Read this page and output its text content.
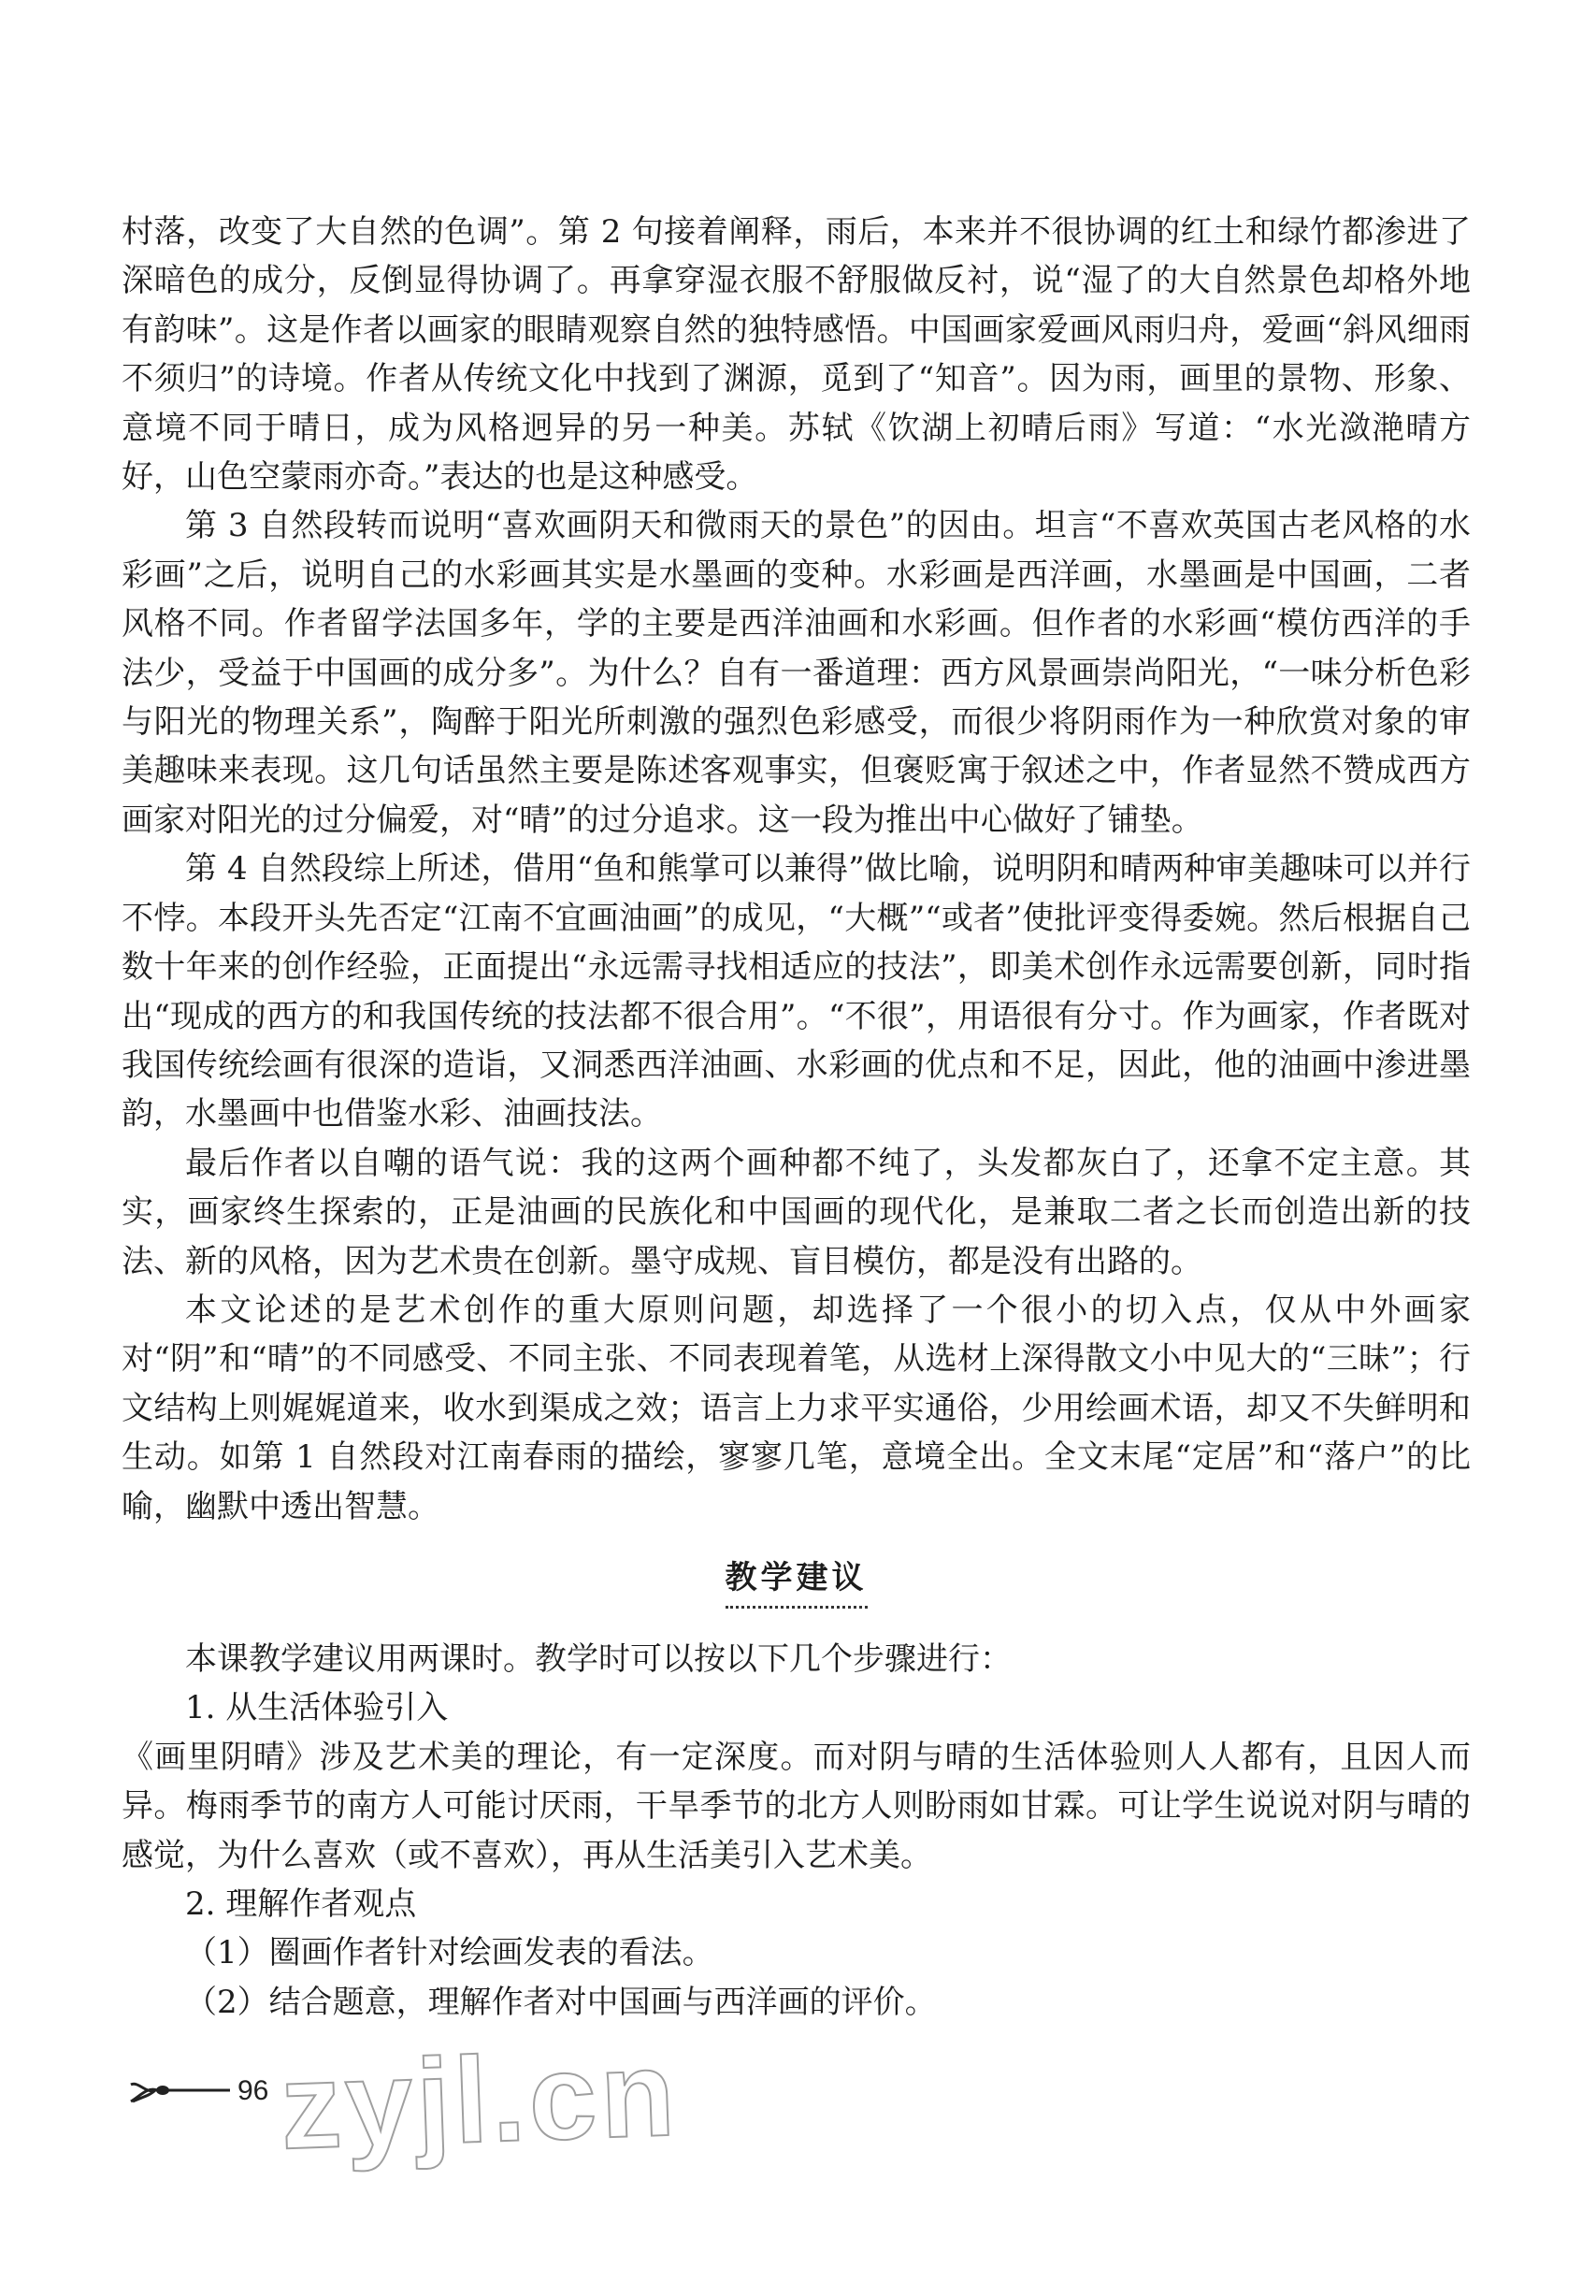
村落，改变了大自然的色调”。第 2 句接着阐释，雨后，本来并不很协调的红土和绿竹都渗进了深暗色的成分，反倒显得协调了。再拿穿湿衣服不舒服做反衬，说“湿了的大自然景色却格外地有韵味”。这是作者以画家的眼睛观察自然的独特感悟。中国画家爱画风雨归舟，爱画“斜风细雨不须归”的诗境。作者从传统文化中找到了渊源，觅到了“知音”。因为雨，画里的景物、形象、意境不同于晴日，成为风格迥异的另一种美。苏轼《饮湖上初晴后雨》写道：“水光潋滟晴方好，山色空蒙雨亦奇。”表达的也是这种感受。

第 3 自然段转而说明“喜欢画阴天和微雨天的景色”的因由。坦言“不喜欢英国古老风格的水彩画”之后，说明自己的水彩画其实是水墨画的变种。水彩画是西洋画，水墨画是中国画，二者风格不同。作者留学法国多年，学的主要是西洋油画和水彩画。但作者的水彩画“模仿西洋的手法少，受益于中国画的成分多”。为什么？自有一番道理：西方风景画崇尚阳光，“一味分析色彩与阳光的物理关系”，陶醉于阳光所刺激的强烈色彩感受，而很少将阴雨作为一种欣赏对象的审美趣味来表现。这几句话虽然主要是陈述客观事实，但褒贬寓于叙述之中，作者显然不赞成西方画家对阳光的过分偏爱，对“晴”的过分追求。这一段为推出中心做好了铺垫。

第 4 自然段综上所述，借用“鱼和熊掌可以兼得”做比喻，说明阴和晴两种审美趣味可以并行不悖。本段开头先否定“江南不宜画油画”的成见，“大概”“或者”使批评变得委婉。然后根据自己数十年来的创作经验，正面提出“永远需寻找相适应的技法”，即美术创作永远需要创新，同时指出“现成的西方的和我国传统的技法都不很合用”。“不很”，用语很有分寸。作为画家，作者既对我国传统绘画有很深的造诣，又洞悉西洋油画、水彩画的优点和不足，因此，他的油画中渗进墨韵，水墨画中也借鉴水彩、油画技法。

最后作者以自嘲的语气说：我的这两个画种都不纯了，头发都灰白了，还拿不定主意。其实，画家终生探索的，正是油画的民族化和中国画的现代化，是兼取二者之长而创造出新的技法、新的风格，因为艺术贵在创新。墨守成规、盲目模仿，都是没有出路的。

本文论述的是艺术创作的重大原则问题，却选择了一个很小的切入点，仅从中外画家对“阴”和“晴”的不同感受、不同主张、不同表现着笔，从选材上深得散文小中见大的“三昧”；行文结构上则娓娓道来，收水到渠成之效；语言上力求平实通俗，少用绘画术语，却又不失鲜明和生动。如第 1 自然段对江南春雨的描绘，寥寥几笔，意境全出。全文末尾“定居”和“落户”的比喻，幽默中透出智慧。

教学建议

本课教学建议用两课时。教学时可以按以下几个步骤进行：

1. 从生活体验引入

《画里阴晴》涉及艺术美的理论，有一定深度。而对阴与晴的生活体验则人人都有，且因人而异。梅雨季节的南方人可能讨厌雨，干旱季节的北方人则盼雨如甘霖。可让学生说说对阴与晴的感觉，为什么喜欢（或不喜欢），再从生活美引入艺术美。

2. 理解作者观点

（1）圈画作者针对绘画发表的看法。

（2）结合题意，理解作者对中国画与西洋画的评价。

96 zyjl.cn
